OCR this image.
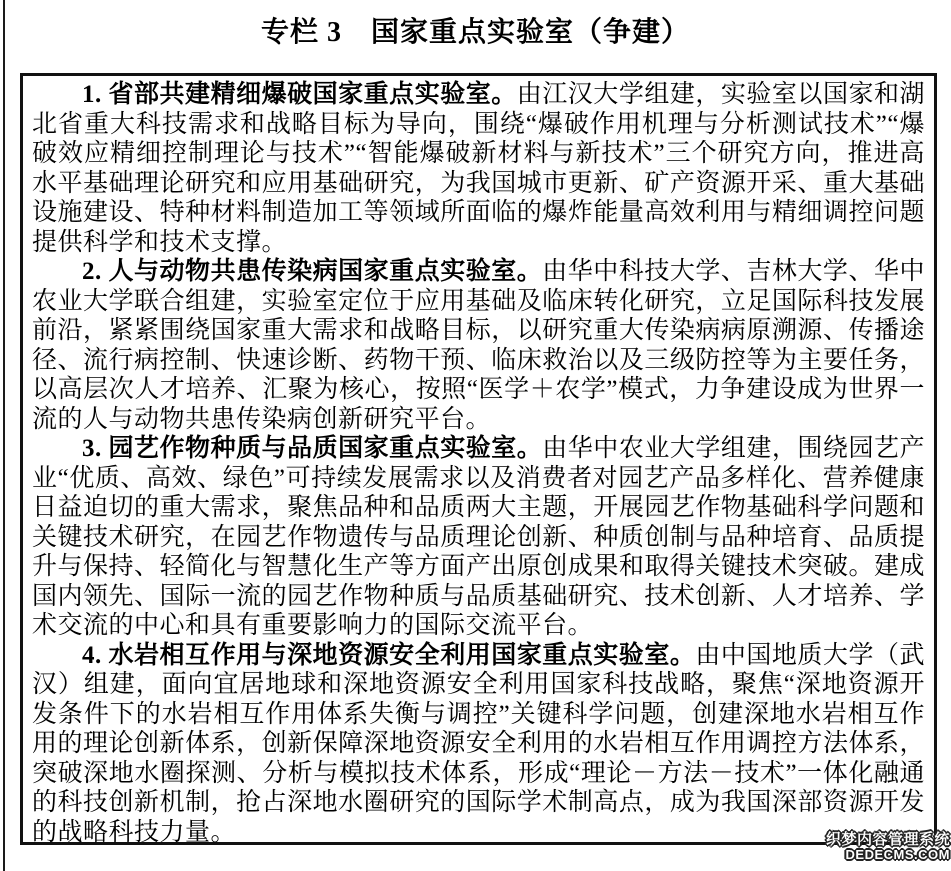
专栏 3　国家重点实验室（争建）

1. 省部共建精细爆破国家重点实验室。由江汉大学组建，实验室以国家和湖北省重大科技需求和战略目标为导向，围绕“爆破作用机理与分析测试技术”“爆破效应精细控制理论与技术”“智能爆破新材料与新技术”三个研究方向，推进高水平基础理论研究和应用基础研究，为我国城市更新、矿产资源开采、重大基础设施建设、特种材料制造加工等领域所面临的爆炸能量高效利用与精细调控问题提供科学和技术支撑。

2. 人与动物共患传染病国家重点实验室。由华中科技大学、吉林大学、华中农业大学联合组建，实验室定位于应用基础及临床转化研究，立足国际科技发展前沿，紧紧围绕国家重大需求和战略目标，以研究重大传染病病原溯源、传播途径、流行病控制、快速诊断、药物干预、临床救治以及三级防控等为主要任务，以高层次人才培养、汇聚为核心，按照“医学＋农学”模式，力争建设成为世界一流的人与动物共患传染病创新研究平台。

3. 园艺作物种质与品质国家重点实验室。由华中农业大学组建，围绕园艺产业“优质、高效、绿色”可持续发展需求以及消费者对园艺产品多样化、营养健康日益迫切的重大需求，聚焦品种和品质两大主题，开展园艺作物基础科学问题和关键技术研究，在园艺作物遗传与品质理论创新、种质创制与品种培育、品质提升与保持、轻简化与智慧化生产等方面产出原创成果和取得关键技术突破。建成国内领先、国际一流的园艺作物种质与品质基础研究、技术创新、人才培养、学术交流的中心和具有重要影响力的国际交流平台。

4. 水岩相互作用与深地资源安全利用国家重点实验室。由中国地质大学（武汉）组建，面向宜居地球和深地资源安全利用国家科技战略，聚焦“深地资源开发条件下的水岩相互作用体系失衡与调控”关键科学问题，创建深地水岩相互作用的理论创新体系，创新保障深地资源安全利用的水岩相互作用调控方法体系，突破深地水圈探测、分析与模拟技术体系，形成“理论－方法－技术”一体化融通的科技创新机制，抢占深地水圈研究的国际学术制高点，成为我国深部资源开发的战略科技力量。	织梦内容管理系统
DEDECMS.COM
